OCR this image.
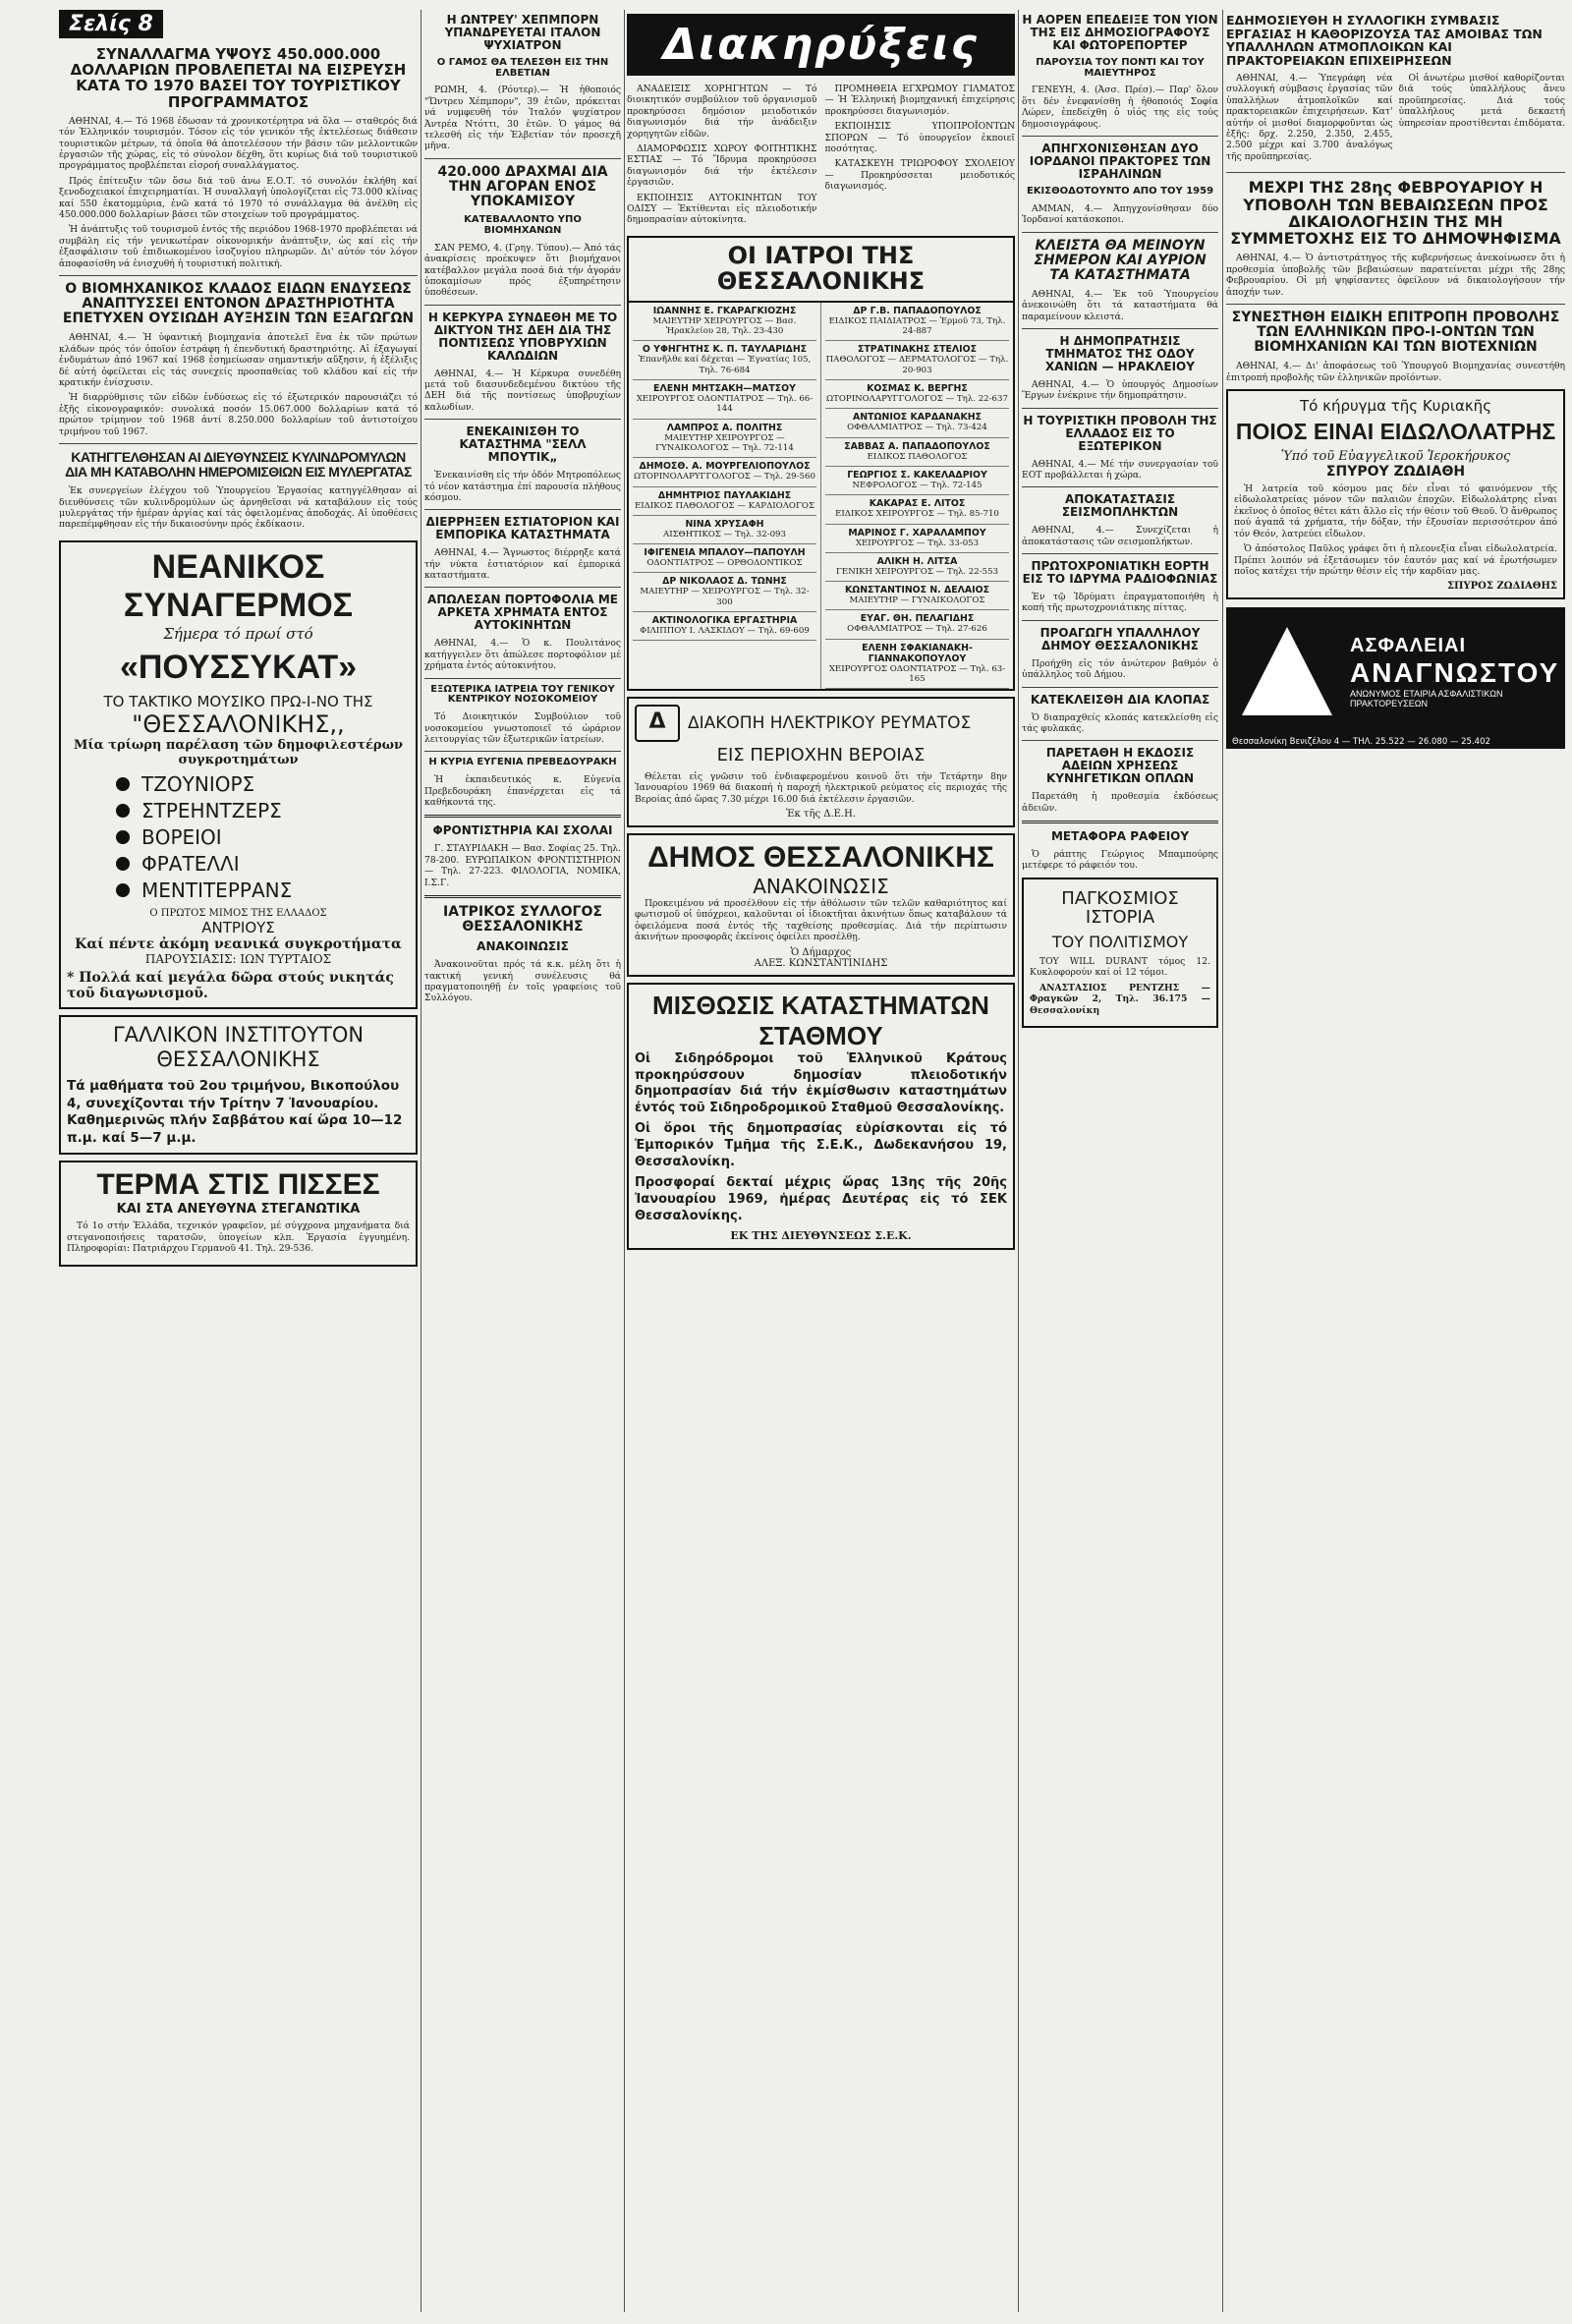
Σελίς 8
ΣΥΝΑΛΛΑΓΜΑ ΥΨΟΥΣ 450.000.000 ΔΟΛΛΑΡΙΩΝ ΠΡΟΒΛΕΠΕΤΑΙ ΝΑ ΕΙΣΡΕΥΣΗ ΚΑΤΑ ΤΟ 1970 ΒΑΣΕΙ ΤΟΥ ΤΟΥΡΙΣΤΙΚΟΥ ΠΡΟΓΡΑΜΜΑΤΟΣ

ΑΘΗΝΑΙ, 4.— Τό 1968 ἐδωσαν τά χρονικοτέρητρα νά ὅλα — σταθερός διά τόν Ἑλληνικόν τουρισμόν. Τόσον εἰς τόν γενικόν τῆς ἐκτελέσεως διάθεσιν τουριστικῶν μέτρων, τά ὁποῖα θά ἀποτελέσουν τήν βάσιν τῶν μελλοντικῶν ἐργασιῶν τῆς χώρας, εἰς τό σύνολον δέχθη, ὅτι κυρίως διά τοῦ τουριστικοῦ προγράμματος προβλέπεται εἰσροή συναλλάγματος.

Πρός ἐπίτευξιν τῶν ὅσω διά τοῦ ἀνω Ε.Ο.Τ. τό συνολόν ἐκλήθη καί ξενοδοχειακοί ἐπιχειρηματίαι. Ἡ συναλλαγή ὑπολογίζεται εἰς 73.000 κλίνας καί 550 ἐκατομμύρια, ἐνῶ κατά τό 1970 τό συνάλλαγμα θά ἀνέλθη εἰς 450.000.000 δολλαρίων βάσει τῶν στοιχείων τοῦ προγράμματος.

Ἡ ἀνάπτυξις τοῦ τουρισμοῦ ἐντός τῆς περιόδου 1968-1970 προβλέπεται νά συμβάλη εἰς τήν γενικωτέραν οἰκονομικήν ἀνάπτυξιν, ὡς καί εἰς τήν ἐξασφάλισιν τοῦ ἐπιδιωκομένου ἰσοζυγίου πληρωμῶν. Δι' αὐτόν τόν λόγον ἀποφασίσθη νά ἐνισχυθή ἡ τουριστική πολιτική.

Ο ΒΙΟΜΗΧΑΝΙΚΟΣ ΚΛΑΔΟΣ ΕΙΔΩΝ ΕΝΔΥΣΕΩΣ ΑΝΑΠΤΥΣΣΕΙ ΕΝΤΟΝΟΝ ΔΡΑΣΤΗΡΙΟΤΗΤΑ ΕΠΕΤΥΧΕΝ ΟΥΣΙΩΔΗ ΑΥΞΗΣΙΝ ΤΩΝ ΕΞΑΓΩΓΩΝ

ΑΘΗΝΑΙ, 4.— Ἡ ὑφαντική βιομηχανία ἀποτελεῖ ἕνα ἐκ τῶν πρώτων κλάδων πρός τόν ὁποῖον ἐστράφη ἡ ἐπενδυτική δραστηριότης. Αἱ ἐξαγωγαί ἐνδυμάτων ἀπό 1967 καί 1968 ἐσημείωσαν σημαντικήν αὔξησιν, ἡ ἐξέλιξις δέ αὐτή ὀφείλεται εἰς τάς συνεχείς προσπαθείας τοῦ κλάδου καί εἰς τήν κρατικήν ἐνίσχυσιν.

Ἡ διαρρύθμισις τῶν εἰδῶν ἐνδύσεως εἰς τό ἐξωτερικόν παρουσιάζει τό ἑξῆς εἰκονογραφικόν: συνολικά ποσόν 15.067.000 δολλαρίων κατά τό πρώτον τρίμηνον τοῦ 1968 ἀντί 8.250.000 δολλαρίων τοῦ ἀντιστοίχου τριμήνου τοῦ 1967.

ΚΑΤΗΓΓΕΛΘΗΣΑΝ ΑΙ ΔΙΕΥΘΥΝΣΕΙΣ ΚΥΛΙΝΔΡΟΜΥΛΩΝ ΔΙΑ ΜΗ ΚΑΤΑΒΟΛΗΝ ΗΜΕΡΟΜΙΣΘΙΩΝ ΕΙΣ ΜΥΛΕΡΓΑΤΑΣ

Ἐκ συνεργείων ἐλέγχου τοῦ Ὑπουργείου Ἐργασίας κατηγγέλθησαν αἱ διευθύνσεις τῶν κυλινδρομύλων ὡς ἀρνηθεῖσαι νά καταβάλουν εἰς τούς μυλεργάτας τήν ἡμέραν ἀργίας καί τάς ὀφειλομένας ἀποδοχάς. Αἱ ὑποθέσεις παρεπέμφθησαν εἰς τήν δικαιοσύνην πρός ἐκδίκασιν.

ΝΕΑΝΙΚΟΣ ΣΥΝΑΓΕΡΜΟΣ
Σήμερα τό πρωί στό
«ΠΟΥΣΣΥΚΑΤ»
ΤΟ ΤΑΚΤΙΚΟ ΜΟΥΣΙΚΟ ΠΡΩ-Ι-ΝΟ ΤΗΣ
"ΘΕΣΣΑΛΟΝΙΚΗΣ,,
Μία τρίωρη παρέλαση τῶν δημοφιλεστέρων συγκροτημάτων
ΤΖΟΥΝΙΟΡΣ
ΣΤΡΕΗΝΤΖΕΡΣ
ΒΟΡΕΙΟΙ
ΦΡΑΤΕΛΛΙ
ΜΕΝΤΙΤΕΡΡΑΝΣ
Ο ΠΡΩΤΟΣ ΜΙΜΟΣ ΤΗΣ ΕΛΛΑΔΟΣ
ΑΝΤΡΙΟΥΣ
Καί πέντε ἀκόμη νεανικά συγκροτήματα
ΠΑΡΟΥΣΙΑΣΙΣ: ΙΩΝ ΤΥΡΤΑΙΟΣ
* Πολλά καί μεγάλα δῶρα στούς νικητάς τοῦ διαγωνισμοῦ.
ΓΑΛΛΙΚΟΝ ΙΝΣΤΙΤΟΥΤΟΝ ΘΕΣΣΑΛΟΝΙΚΗΣ
Τά μαθήματα τοῦ 2ου τριμήνου, Βικοπούλου 4, συνεχίζονται τήν Τρίτην 7 Ἰανουαρίου. Καθημερινῶς πλήν Σαββάτου καί ὥρα 10—12 π.μ. καί 5—7 μ.μ.
ΤΕΡΜΑ ΣΤΙΣ ΠΙΣΣΕΣ
ΚΑΙ ΣΤΑ ΑΝΕΥΘΥΝΑ ΣΤΕΓΑΝΩΤΙΚΑ

Τό 1ο στήν Ἑλλάδα, τεχνικόν γραφεῖον, μέ σύγχρονα μηχανήματα διά στεγανοποιήσεις ταρατσῶν, ὑπογείων κλπ. Ἐργασία ἐγγυημένη. Πληροφορίαι: Πατριάρχου Γερμανοῦ 41. Τηλ. 29-536.

Η ΩΝΤΡΕΥ' ΧΕΠΜΠΟΡΝ ΥΠΑΝΔΡΕΥΕΤΑΙ ΙΤΑΛΟΝ ΨΥΧΙΑΤΡΟΝ
Ο ΓΑΜΟΣ ΘΑ ΤΕΛΕΣΘΗ ΕΙΣ ΤΗΝ ΕΛΒΕΤΙΑΝ

ΡΩΜΗ, 4. (Ρόυτερ).— Ἡ ἠθοποιός "Ὤντρευ Χέπμπορν", 39 ἐτῶν, πρόκειται νά νυμφευθή τόν Ἰταλόν ψυχίατρον Ἀντρέα Ντόττι, 30 ἐτῶν. Ὁ γάμος θά τελεσθή εἰς τήν Ἑλβετίαν τόν προσεχῆ μῆνα.

420.000 ΔΡΑΧΜΑΙ ΔΙΑ ΤΗΝ ΑΓΟΡΑΝ ΕΝΟΣ ΥΠΟΚΑΜΙΣΟΥ
ΚΑΤΕΒΑΛΛΟΝΤΟ ΥΠΟ ΒΙΟΜΗΧΑΝΩΝ

ΣΑΝ ΡΕΜΟ, 4. (Γρηγ. Τύπου).— Ἀπό τάς ἀνακρίσεις προέκυψεν ὅτι βιομήχανοι κατέβαλλον μεγάλα ποσά διά τήν ἀγοράν ὑποκαμίσων πρός ἐξυπηρέτησιν ὑποθέσεων.

Η ΚΕΡΚΥΡΑ ΣΥΝΔΕΘΗ ΜΕ ΤΟ ΔΙΚΤΥΟΝ ΤΗΣ ΔΕΗ ΔΙΑ ΤΗΣ ΠΟΝΤΙΣΕΩΣ ΥΠΟΒΡΥΧΙΩΝ ΚΑΛΩΔΙΩΝ

ΑΘΗΝΑΙ, 4.— Ἡ Κέρκυρα συνεδέθη μετά τοῦ διασυνδεδεμένου δικτύου τῆς ΔΕΗ διά τῆς ποντίσεως ὑποβρυχίων καλωδίων.

ΕΝΕΚΑΙΝΙΣΘΗ ΤΟ ΚΑΤΑΣΤΗΜΑ "ΣΕΛΛ ΜΠΟΥΤΙΚ„

Ἐνεκαινίσθη εἰς τήν ὁδόν Μητροπόλεως τό νέον κατάστημα ἐπί παρουσία πλήθους κόσμου.

ΔΙΕΡΡΗΞΕΝ ΕΣΤΙΑΤΟΡΙΟΝ ΚΑΙ ΕΜΠΟΡΙΚΑ ΚΑΤΑΣΤΗΜΑΤΑ

ΑΘΗΝΑΙ, 4.— Ἄγνωστος διέρρηξε κατά τήν νύκτα ἑστιατόριον καί ἐμπορικά καταστήματα.

ΑΠΩΛΕΣΑΝ ΠΟΡΤΟΦΟΛΙΑ ΜΕ ΑΡΚΕΤΑ ΧΡΗΜΑΤΑ ΕΝΤΟΣ ΑΥΤΟΚΙΝΗΤΩΝ

ΑΘΗΝΑΙ, 4.— Ὁ κ. Πουλιτάνος κατήγγειλεν ὅτι ἀπώλεσε πορτοφόλιον μέ χρήματα ἐντός αὐτοκινήτου.

ΕΞΩΤΕΡΙΚΑ ΙΑΤΡΕΙΑ ΤΟΥ ΓΕΝΙΚΟΥ ΚΕΝΤΡΙΚΟΥ ΝΟΣΟΚΟΜΕΙΟΥ

Τό Διοικητικόν Συμβούλιον τοῦ νοσοκομείου γνωστοποιεῖ τό ὡράριον λειτουργίας τῶν ἐξωτερικῶν ἰατρείων.

Η ΚΥΡΙΑ ΕΥΓΕΝΙΑ ΠΡΕΒΕΔΟΥΡΑΚΗ

Ἡ ἐκπαιδευτικός κ. Εὐγενία Πρεβεδουράκη ἐπανέρχεται εἰς τά καθήκοντά της.

ΦΡΟΝΤΙΣΤΗΡΙΑ ΚΑΙ ΣΧΟΛΑΙ

Γ. ΣΤΑΥΡΙΔΑΚΗ — Βασ. Σοφίας 25. Τηλ. 78-200. ΕΥΡΩΠΑΙΚΟΝ ΦΡΟΝΤΙΣΤΗΡΙΟΝ — Τηλ. 27-223. ΦΙΛΟΛΟΓΙΑ, ΝΟΜΙΚΑ, Ι.Σ.Γ.

ΙΑΤΡΙΚΟΣ ΣΥΛΛΟΓΟΣ ΘΕΣΣΑΛΟΝΙΚΗΣ
ΑΝΑΚΟΙΝΩΣΙΣ

Ἀνακοινοῦται πρός τά κ.κ. μέλη ὅτι ἡ τακτική γενική συνέλευσις θά πραγματοποιηθῇ ἐν τοῖς γραφείοις τοῦ Συλλόγου.

Διακηρύξεις

ΑΝΑΔΕΙΞΙΣ ΧΟΡΗΓΗΤΩΝ — Τό διοικητικόν συμβούλιον τοῦ ὁργανισμοῦ προκηρύσσει δημόσιον μειοδοτικόν διαγωνισμόν διά τήν ἀνάδειξιν χορηγητῶν εἰδῶν.

ΔΙΑΜΟΡΦΩΣΙΣ ΧΩΡΟΥ ΦΟΙΤΗΤΙΚΗΣ ΕΣΤΙΑΣ — Τό Ἵδρυμα προκηρύσσει διαγωνισμόν διά τήν ἐκτέλεσιν ἐργασιῶν.

ΕΚΠΟΙΗΣΙΣ ΑΥΤΟΚΙΝΗΤΩΝ ΤΟΥ ΟΔΙΣΥ — Ἐκτίθενται εἰς πλειοδοτικήν δημοπρασίαν αὐτοκίνητα.

ΠΡΟΜΗΘΕΙΑ ΕΓΧΡΩΜΟΥ ΓΙΛΜΑΤΟΣ — Ἡ Ἐλληνική βιομηχανική ἐπιχείρησις προκηρύσσει διαγωνισμόν.

ΕΚΠΟΙΗΣΙΣ ΥΠΟΠΡΟΪΟΝΤΩΝ ΣΠΟΡΩΝ — Τό ὑπουργεῖον ἐκποιεῖ ποσότητας.

ΚΑΤΑΣΚΕΥΗ ΤΡΙΩΡΟΦΟΥ ΣΧΟΛΕΙΟΥ — Προκηρύσσεται μειοδοτικός διαγωνισμός.

ΟΙ ΙΑΤΡΟΙ ΤΗΣ ΘΕΣΣΑΛΟΝΙΚΗΣ
ΙΩΑΝΝΗΣ Ε. ΓΚΑΡΑΓΚΙΟΖΗΣ
ΜΑΙΕΥΤΗΡ ΧΕΙΡΟΥΡΓΟΣ — Βασ. Ἡρακλείου 28, Τηλ. 23-430
Ο ΥΦΗΓΗΤΗΣ Κ. Π. ΤΑΥΛΑΡΙΔΗΣ
Ἐπανῆλθε καί δέχεται — Ἐγνατίας 105, Τηλ. 76-684
ΕΛΕΝΗ ΜΗΤΣΑΚΗ—ΜΑΤΣΟΥ
ΧΕΙΡΟΥΡΓΟΣ ΟΔΟΝΤΙΑΤΡΟΣ — Τηλ. 66-144
ΛΑΜΠΡΟΣ Α. ΠΟΛΙΤΗΣ
ΜΑΙΕΥΤΗΡ ΧΕΙΡΟΥΡΓΟΣ — ΓΥΝΑΙΚΟΛΟΓΟΣ — Τηλ. 72-114
ΔΗΜΟΣΘ. Α. ΜΟΥΡΓΕΛΙΟΠΟΥΛΟΣ
ΩΤΟΡΙΝΟΛΑΡΥΓΓΟΛΟΓΟΣ — Τηλ. 29-560
ΔΗΜΗΤΡΙΟΣ ΠΑΥΛΑΚΙΔΗΣ
ΕΙΔΙΚΟΣ ΠΑΘΟΛΟΓΟΣ — ΚΑΡΔΙΟΛΟΓΟΣ
ΝΙΝΑ ΧΡΥΣΑΦΗ
ΑΙΣΘΗΤΙΚΟΣ — Τηλ. 32-093
ΙΦΙΓΕΝΕΙΑ ΜΠΑΛΟΥ—ΠΑΠΟΥΛΗ
ΟΔΟΝΤΙΑΤΡΟΣ — ΟΡΘΟΔΟΝΤΙΚΟΣ
ΔΡ ΝΙΚΟΛΑΟΣ Δ. ΤΩΝΗΣ
ΜΑΙΕΥΤΗΡ — ΧΕΙΡΟΥΡΓΟΣ — Τηλ. 32-300
ΑΚΤΙΝΟΛΟΓΙΚΑ ΕΡΓΑΣΤΗΡΙΑ
ΦΙΛΙΠΠΟΥ Ι. ΛΑΣΚΙΔΟΥ — Τηλ. 69-609
ΔΡ Γ.Β. ΠΑΠΑΔΟΠΟΥΛΟΣ
ΕΙΔΙΚΟΣ ΠΑΙΔΙΑΤΡΟΣ — Ἐρμοῦ 73, Τηλ. 24-887
ΣΤΡΑΤΙΝΑΚΗΣ ΣΤΕΛΙΟΣ
ΠΑΘΟΛΟΓΟΣ — ΔΕΡΜΑΤΟΛΟΓΟΣ — Τηλ. 20-903
ΚΟΣΜΑΣ Κ. ΒΕΡΓΗΣ
ΩΤΟΡΙΝΟΛΑΡΥΓΓΟΛΟΓΟΣ — Τηλ. 22-637
ΑΝΤΩΝΙΟΣ ΚΑΡΔΑΝΑΚΗΣ
ΟΦΘΑΛΜΙΑΤΡΟΣ — Τηλ. 73-424
ΣΑΒΒΑΣ Α. ΠΑΠΑΔΟΠΟΥΛΟΣ
ΕΙΔΙΚΟΣ ΠΑΘΟΛΟΓΟΣ
ΓΕΩΡΓΙΟΣ Σ. ΚΑΚΕΛΑΔΡΙΟΥ
ΝΕΦΡΟΛΟΓΟΣ — Τηλ. 72-145
ΚΑΚΑΡΑΣ Ε. ΛΙΤΟΣ
ΕΙΔΙΚΟΣ ΧΕΙΡΟΥΡΓΟΣ — Τηλ. 85-710
ΜΑΡΙΝΟΣ Γ. ΧΑΡΑΛΑΜΠΟΥ
ΧΕΙΡΟΥΡΓΟΣ — Τηλ. 33-053
ΑΛΙΚΗ Η. ΛΙΤΣΑ
ΓΕΝΙΚΗ ΧΕΙΡΟΥΡΓΟΣ — Τηλ. 22-553
ΚΩΝΣΤΑΝΤΙΝΟΣ Ν. ΔΕΛΑΙΟΣ
ΜΑΙΕΥΤΗΡ — ΓΥΝΑΙΚΟΛΟΓΟΣ
ΕΥΑΓ. ΘΗ. ΠΕΛΑΓΙΔΗΣ
ΟΦΘΑΛΜΙΑΤΡΟΣ — Τηλ. 27-626
ΕΛΕΝΗ ΣΦΑΚΙΑΝΑΚΗ-ΓΙΑΝΝΑΚΟΠΟΥΛΟΥ
ΧΕΙΡΟΥΡΓΟΣ ΟΔΟΝΤΙΑΤΡΟΣ — Τηλ. 63-165
Δ
ΔΙΑΚΟΠΗ ΗΛΕΚΤΡΙΚΟΥ ΡΕΥΜΑΤΟΣ
ΕΙΣ ΠΕΡΙΟΧΗΝ ΒΕΡΟΙΑΣ

Θέλεται εἰς γνῶσιν τοῦ ἐνδιαφερομένου κοινοῦ ὅτι τήν Τετάρτην 8ην Ἰανουαρίου 1969 θά διακοπή ἡ παροχή ἠλεκτρικοῦ ρεύματος εἰς περιοχάς τῆς Βεροίας ἀπό ὥρας 7.30 μέχρι 16.00 διά ἐκτέλεσιν ἐργασιῶν.

Ἐκ τῆς Δ.Ε.Η.
ΔΗΜΟΣ ΘΕΣΣΑΛΟΝΙΚΗΣ
ΑΝΑΚΟΙΝΩΣΙΣ

Προκειμένου νά προσέλθουν εἰς τήν ἀθόλωσιν τῶν τελῶν καθαριότητος καί φωτισμοῦ οἱ ὑπόχρεοι, καλοῦνται οἱ ἰδιοκτῆται ἀκινήτων ὅπως καταβάλουν τά ὀφειλόμενα ποσά ἐντός τῆς ταχθείσης προθεσμίας. Διά τήν περίπτωσιν ἀκινήτων προσφορᾶς ἐκείνοις ὀφείλει προσέλθῃ.

Ὁ Δήμαρχος
ΑΛΕΞ. ΚΩΝΣΤΑΝΤΙΝΙΔΗΣ
ΜΙΣΘΩΣΙΣ ΚΑΤΑΣΤΗΜΑΤΩΝ ΣΤΑΘΜΟΥ
Οἱ Σιδηρόδρομοι τοῦ Ἑλληνικοῦ Κράτους προκηρύσσουν δημοσίαν πλειοδοτικήν δημοπρασίαν διά τήν ἐκμίσθωσιν καταστημάτων ἐντός τοῦ Σιδηροδρομικοῦ Σταθμοῦ Θεσσαλονίκης.
Οἱ ὅροι τῆς δημοπρασίας εὑρίσκονται εἰς τό Ἐμπορικόν Τμῆμα τῆς Σ.Ε.Κ., Δωδεκανήσου 19, Θεσσαλονίκη.
Προσφοραί δεκταί μέχρις ὥρας 13ης τῆς 20ῆς Ἰανουαρίου 1969, ἡμέρας Δευτέρας εἰς τό ΣΕΚ Θεσσαλονίκης.
ΕΚ ΤΗΣ ΔΙΕΥΘΥΝΣΕΩΣ Σ.Ε.Κ.
Η ΑΟΡΕΝ ΕΠΕΔΕΙΞΕ ΤΟΝ ΥΙΟΝ ΤΗΣ ΕΙΣ ΔΗΜΟΣΙΟΓΡΑΦΟΥΣ ΚΑΙ ΦΩΤΟΡΕΠΟΡΤΕΡ
ΠΑΡΟΥΣΙΑ ΤΟΥ ΠΟΝΤΙ ΚΑΙ ΤΟΥ ΜΑΙΕΥΤΗΡΟΣ

ΓΕΝΕΥΗ, 4. (Ἀσσ. Πρέσ).— Παρ' ὅλον ὅτι δέν ἐνεφανίσθη ἡ ἠθοποιός Σοφία Λώρεν, ἐπεδείχθη ὁ υἱός της εἰς τούς δημοσιογράφους.

ΑΠΗΓΧΟΝΙΣΘΗΣΑΝ ΔΥΟ ΙΟΡΔΑΝΟΙ ΠΡΑΚΤΟΡΕΣ ΤΩΝ ΙΣΡΑΗΛΙΝΩΝ
ΕΚΙΣΘΟΔΟΤΟΥΝΤΟ ΑΠΟ ΤΟΥ 1959

ΑΜΜΑΝ, 4.— Ἀπηγχονίσθησαν δύο Ἰορδανοί κατάσκοποι.

ΚΛΕΙΣΤΑ ΘΑ ΜΕΙΝΟΥΝ ΣΗΜΕΡΟΝ ΚΑΙ ΑΥΡΙΟΝ ΤΑ ΚΑΤΑΣΤΗΜΑΤΑ

ΑΘΗΝΑΙ, 4.— Ἐκ τοῦ Ὑπουργείου ἀνεκοινώθη ὅτι τά καταστήματα θά παραμείνουν κλειστά.

Η ΔΗΜΟΠΡΑΤΗΣΙΣ ΤΜΗΜΑΤΟΣ ΤΗΣ ΟΔΟΥ ΧΑΝΙΩΝ — ΗΡΑΚΛΕΙΟΥ

ΑΘΗΝΑΙ, 4.— Ὁ ὑπουργός Δημοσίων Ἔργων ἐνέκρινε τήν δημοπράτησιν.

Η ΤΟΥΡΙΣΤΙΚΗ ΠΡΟΒΟΛΗ ΤΗΣ ΕΛΛΑΔΟΣ ΕΙΣ ΤΟ ΕΞΩΤΕΡΙΚΟΝ

ΑΘΗΝΑΙ, 4.— Μέ τήν συνεργασίαν τοῦ ΕΟΤ προβάλλεται ἡ χώρα.

ΑΠΟΚΑΤΑΣΤΑΣΙΣ ΣΕΙΣΜΟΠΛΗΚΤΩΝ

ΑΘΗΝΑΙ, 4.— Συνεχίζεται ἡ ἀποκατάστασις τῶν σεισμοπλήκτων.

ΠΡΩΤΟΧΡΟΝΙΑΤΙΚΗ ΕΟΡΤΗ ΕΙΣ ΤΟ ΙΔΡΥΜΑ ΡΑΔΙΟΦΩΝΙΑΣ

Ἐν τῷ Ἰδρύματι ἐπραγματοποιήθη ἡ κοπή τῆς πρωτοχρονιάτικης πίττας.

ΠΡΟΑΓΩΓΗ ΥΠΑΛΛΗΛΟΥ ΔΗΜΟΥ ΘΕΣΣΑΛΟΝΙΚΗΣ

Προήχθη εἰς τόν ἀνώτερον βαθμόν ὁ ὑπάλληλος τοῦ Δήμου.

ΚΑΤΕΚΛΕΙΣΘΗ ΔΙΑ ΚΛΟΠΑΣ

Ὁ διαπραχθείς κλοπάς κατεκλείσθη εἰς τάς φυλακάς.

ΠΑΡΕΤΑΘΗ Η ΕΚΔΟΣΙΣ ΑΔΕΙΩΝ ΧΡΗΣΕΩΣ ΚΥΝΗΓΕΤΙΚΩΝ ΟΠΛΩΝ

Παρετάθη ἡ προθεσμία ἐκδόσεως ἀδειῶν.

ΜΕΤΑΦΟΡΑ ΡΑΦΕΙΟΥ

Ὁ ράπτης Γεώργιος Μπαμπούρης μετέφερε τό ράφειόν του.

ΠΑΓΚΟΣΜΙΟΣ ΙΣΤΟΡΙΑ
ΤΟΥ ΠΟΛΙΤΙΣΜΟΥ

ΤΟΥ WILL DURANT τόμος 12. Κυκλοφορούν καί οἱ 12 τόμοι.

ΑΝΑΣΤΑΣΙΟΣ ΡΕΝΤΖΗΣ — Φραγκῶν 2, Τηλ. 36.175 — Θεσσαλονίκη

ΕΔΗΜΟΣΙΕΥΘΗ Η ΣΥΛΛΟΓΙΚΗ ΣΥΜΒΑΣΙΣ ΕΡΓΑΣΙΑΣ Η ΚΑΘΟΡΙΖΟΥΣΑ ΤΑΣ ΑΜΟΙΒΑΣ ΤΩΝ ΥΠΑΛΛΗΛΩΝ ΑΤΜΟΠΛΟΙΚΩΝ ΚΑΙ ΠΡΑΚΤΟΡΕΙΑΚΩΝ ΕΠΙΧΕΙΡΗΣΕΩΝ

ΑΘΗΝΑΙ, 4.— Ὑπεγράφη νέα συλλογική σύμβασις ἐργασίας τῶν ὑπαλλήλων ἀτμοπλοϊκῶν καί πρακτορειακῶν ἐπιχειρήσεων. Κατ' αὐτήν οἱ μισθοί διαμορφοῦνται ὡς ἑξῆς: δρχ. 2.250, 2.350, 2.455, 2.500 μέχρι καί 3.700 ἀναλόγως τῆς προϋπηρεσίας.

Οἱ ἀνωτέρω μισθοί καθορίζονται διά τούς ὑπαλλήλους ἄνευ προϋπηρεσίας. Διά τούς ὑπαλλήλους μετά δεκαετή ὑπηρεσίαν προστίθενται ἐπιδόματα.

ΜΕΧΡΙ ΤΗΣ 28ης ΦΕΒΡΟΥΑΡΙΟΥ Η ΥΠΟΒΟΛΗ ΤΩΝ ΒΕΒΑΙΩΣΕΩΝ ΠΡΟΣ ΔΙΚΑΙΟΛΟΓΗΣΙΝ ΤΗΣ ΜΗ ΣΥΜΜΕΤΟΧΗΣ ΕΙΣ ΤΟ ΔΗΜΟΨΗΦΙΣΜΑ

ΑΘΗΝΑΙ, 4.— Ὁ ἀντιστράτηγος τῆς κυβερνήσεως ἀνεκοίνωσεν ὅτι ἡ προθεσμία ὑποβολῆς τῶν βεβαιώσεων παρατείνεται μέχρι τῆς 28ης Φεβρουαρίου. Οἱ μή ψηφίσαντες ὀφείλουν νά δικαιολογήσουν τήν ἀποχήν των.

ΣΥΝΕΣΤΗΘΗ ΕΙΔΙΚΗ ΕΠΙΤΡΟΠΗ ΠΡΟΒΟΛΗΣ ΤΩΝ ΕΛΛΗΝΙΚΩΝ ΠΡΟ-Ι-ΟΝΤΩΝ ΤΩΝ ΒΙΟΜΗΧΑΝΙΩΝ ΚΑΙ ΤΩΝ ΒΙΟΤΕΧΝΙΩΝ

ΑΘΗΝΑΙ, 4.— Δι' ἀποφάσεως τοῦ Ὑπουργοῦ Βιομηχανίας συνεστήθη ἐπιτροπή προβολῆς τῶν ἑλληνικῶν προϊόντων.

Τό κήρυγμα τῆς Κυριακῆς
ΠΟΙΟΣ ΕΙΝΑΙ ΕΙΔΩΛΟΛΑΤΡΗΣ
Ὑπό τοῦ Εὐαγγελικοῦ Ἱεροκήρυκος
ΣΠΥΡΟΥ ΖΩΔΙΑΘΗ

Ἡ λατρεία τοῦ κόσμου μας δέν εἶναι τό φαινόμενον τῆς εἰδωλολατρείας μόνον τῶν παλαιῶν ἐποχῶν. Εἰδωλολάτρης εἶναι ἐκεῖνος ὁ ὁποῖος θέτει κάτι ἄλλο εἰς τήν θέσιν τοῦ Θεοῦ. Ὁ ἄνθρωπος πού ἀγαπᾶ τά χρήματα, τήν δόξαν, τήν ἐξουσίαν περισσότερον ἀπό τόν Θεόν, λατρεύει εἴδωλον.

Ὁ ἀπόστολος Παῦλος γράφει ὅτι ἡ πλεονεξία εἶναι εἰδωλολατρεία. Πρέπει λοιπόν νά ἐξετάσωμεν τόν ἑαυτόν μας καί νά ἐρωτήσωμεν ποῖος κατέχει τήν πρώτην θέσιν εἰς τήν καρδίαν μας.

ΣΠΥΡΟΣ ΖΩΔΙΑΘΗΣ
ΑΣΦΑΛΕΙΑΙ
ΑΝΑΓΝΩΣΤΟΥ
ΑΝΩΝΥΜΟΣ ΕΤΑΙΡΙΑ ΑΣΦΑΛΙΣΤΙΚΩΝ ΠΡΑΚΤΟΡΕΥΣΕΩΝ
Θεσσαλονίκη Βενιζέλου 4 — ΤΗΛ. 25.522 — 26.080 — 25.402
